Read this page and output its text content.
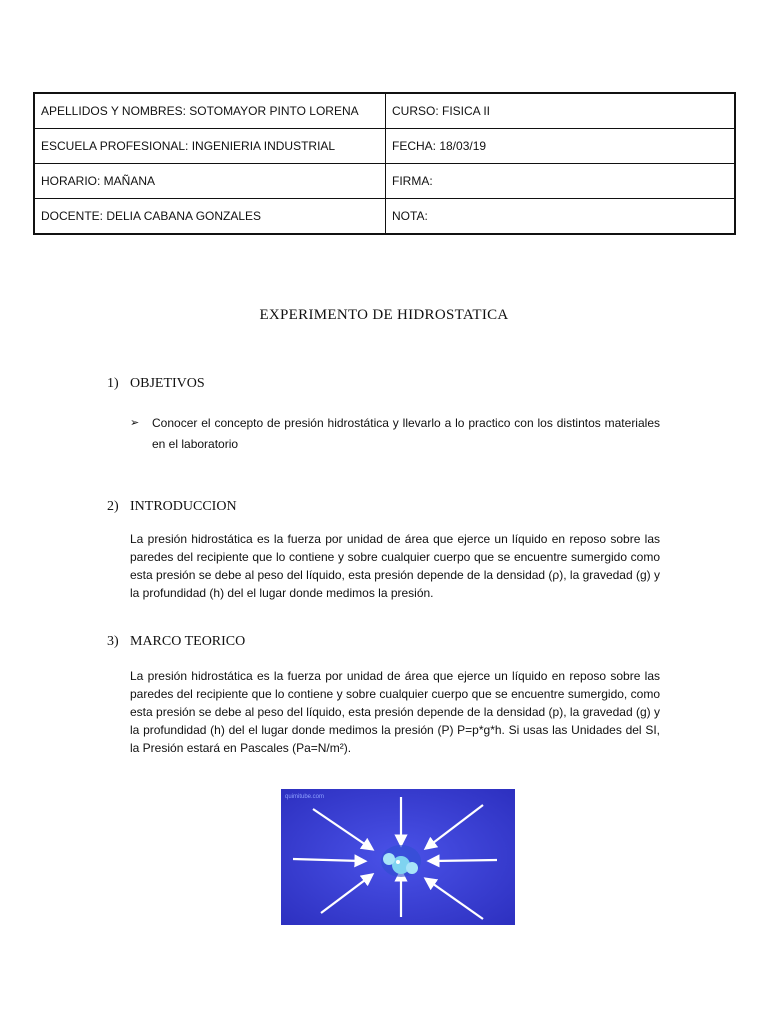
APELLIDOS Y NOMBRES: SOTOMAYOR PINTO LORENA	CURSO: FISICA II
ESCUELA PROFESIONAL: INGENIERIA INDUSTRIAL	FECHA: 18/03/19
HORARIO: MAÑANA	FIRMA:
DOCENTE: DELIA CABANA GONZALES	NOTA:
EXPERIMENTO DE HIDROSTATICA
1) OBJETIVOS
➢ Conocer el concepto de presión hidrostática y llevarlo a lo practico con los distintos materiales en el laboratorio
2) INTRODUCCION
La presión hidrostática es la fuerza por unidad de área que ejerce un líquido en reposo sobre las paredes del recipiente que lo contiene y sobre cualquier cuerpo que se encuentre sumergido como esta presión se debe al peso del líquido, esta presión depende de la densidad (ρ), la gravedad (g) y la profundidad (h) del el lugar donde medimos la presión.
3) MARCO TEORICO
La presión hidrostática es la fuerza por unidad de área que ejerce un líquido en reposo sobre las paredes del recipiente que lo contiene y sobre cualquier cuerpo que se encuentre sumergido, como esta presión se debe al peso del líquido, esta presión depende de la densidad (p), la gravedad (g) y la profundidad (h) del el lugar donde medimos la presión (P) P=p*g*h. Si usas las Unidades del SI, la Presión estará en Pascales (Pa=N/m²).
quimitube.com
